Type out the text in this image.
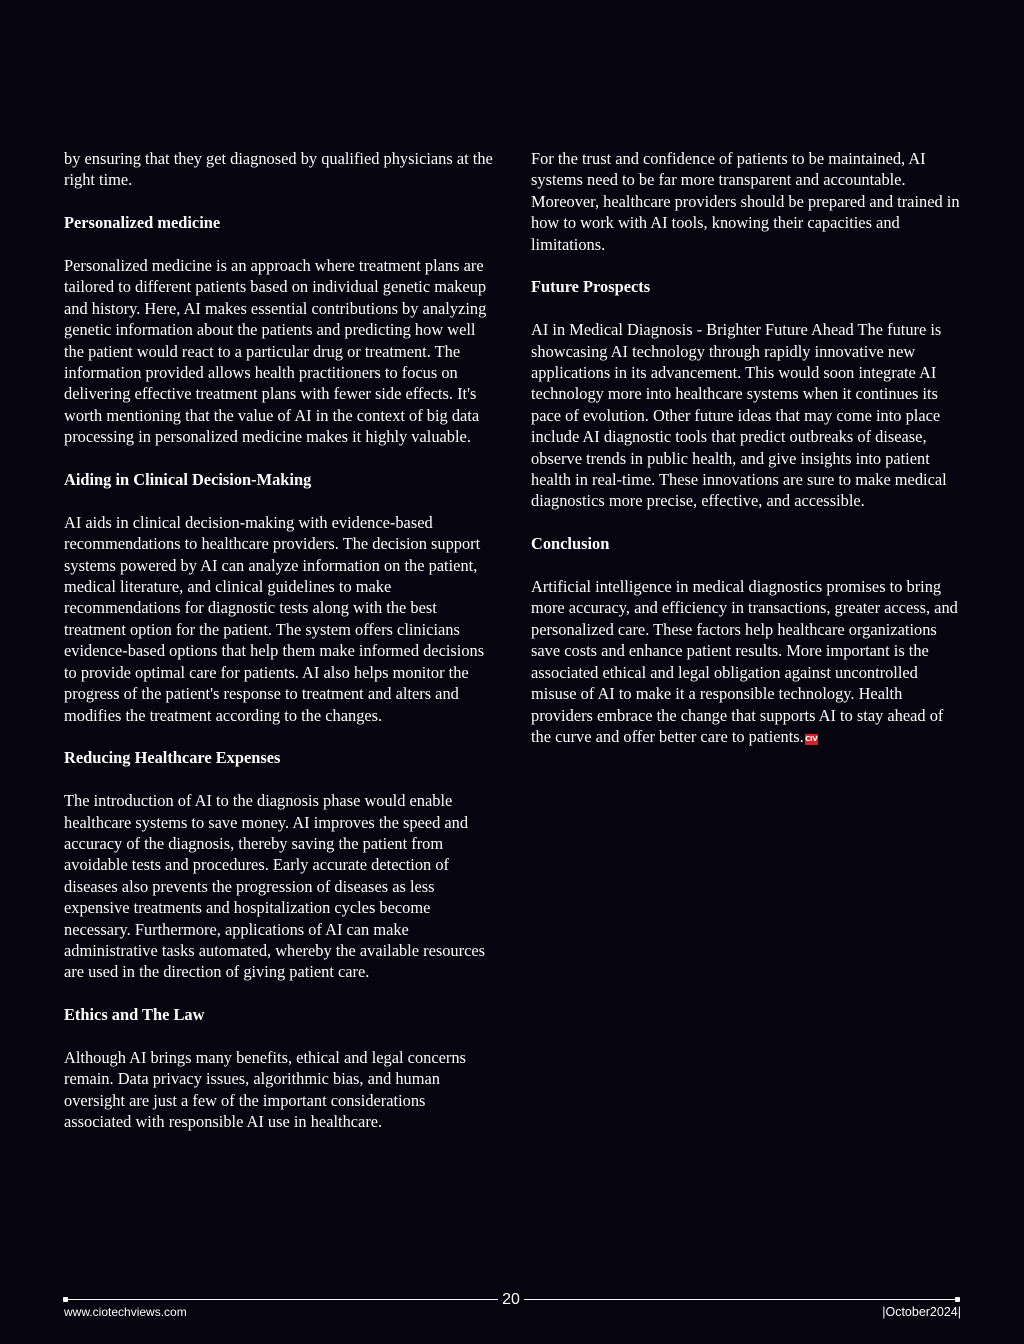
by ensuring that they get diagnosed by qualified physicians at the right time.

Personalized medicine

Personalized medicine is an approach where treatment plans are tailored to different patients based on individual genetic makeup and history. Here, AI makes essential contributions by analyzing genetic information about the patients and predicting how well the patient would react to a particular drug or treatment. The information provided allows health practitioners to focus on delivering effective treatment plans with fewer side effects. It's worth mentioning that the value of AI in the context of big data processing in personalized medicine makes it highly valuable.

Aiding in Clinical Decision-Making

AI aids in clinical decision-making with evidence-based recommendations to healthcare providers. The decision support systems powered by AI can analyze information on the patient, medical literature, and clinical guidelines to make recommendations for diagnostic tests along with the best treatment option for the patient. The system offers clinicians evidence-based options that help them make informed decisions to provide optimal care for patients. AI also helps monitor the progress of the patient's response to treatment and alters and modifies the treatment according to the changes.

Reducing Healthcare Expenses

The introduction of AI to the diagnosis phase would enable healthcare systems to save money. AI improves the speed and accuracy of the diagnosis, thereby saving the patient from avoidable tests and procedures. Early accurate detection of diseases also prevents the progression of diseases as less expensive treatments and hospitalization cycles become necessary. Furthermore, applications of AI can make administrative tasks automated, whereby the available resources are used in the direction of giving patient care.

Ethics and The Law

Although AI brings many benefits, ethical and legal concerns remain. Data privacy issues, algorithmic bias, and human oversight are just a few of the important considerations associated with responsible AI use in healthcare.

For the trust and confidence of patients to be maintained, AI systems need to be far more transparent and accountable. Moreover, healthcare providers should be prepared and trained in how to work with AI tools, knowing their capacities and limitations.

Future Prospects

AI in Medical Diagnosis - Brighter Future Ahead The future is showcasing AI technology through rapidly innovative new applications in its advancement. This would soon integrate AI technology more into healthcare systems when it continues its pace of evolution. Other future ideas that may come into place include AI diagnostic tools that predict outbreaks of disease, observe trends in public health, and give insights into patient health in real-time. These innovations are sure to make medical diagnostics more precise, effective, and accessible.

Conclusion

Artificial intelligence in medical diagnostics promises to bring more accuracy, and efficiency in transactions, greater access, and personalized care. These factors help healthcare organizations save costs and enhance patient results. More important is the associated ethical and legal obligation against uncontrolled misuse of AI to make it a responsible technology. Health providers embrace the change that supports AI to stay ahead of the curve and offer better care to patients.CIV

20
www.ciotechviews.com	|October2024|
